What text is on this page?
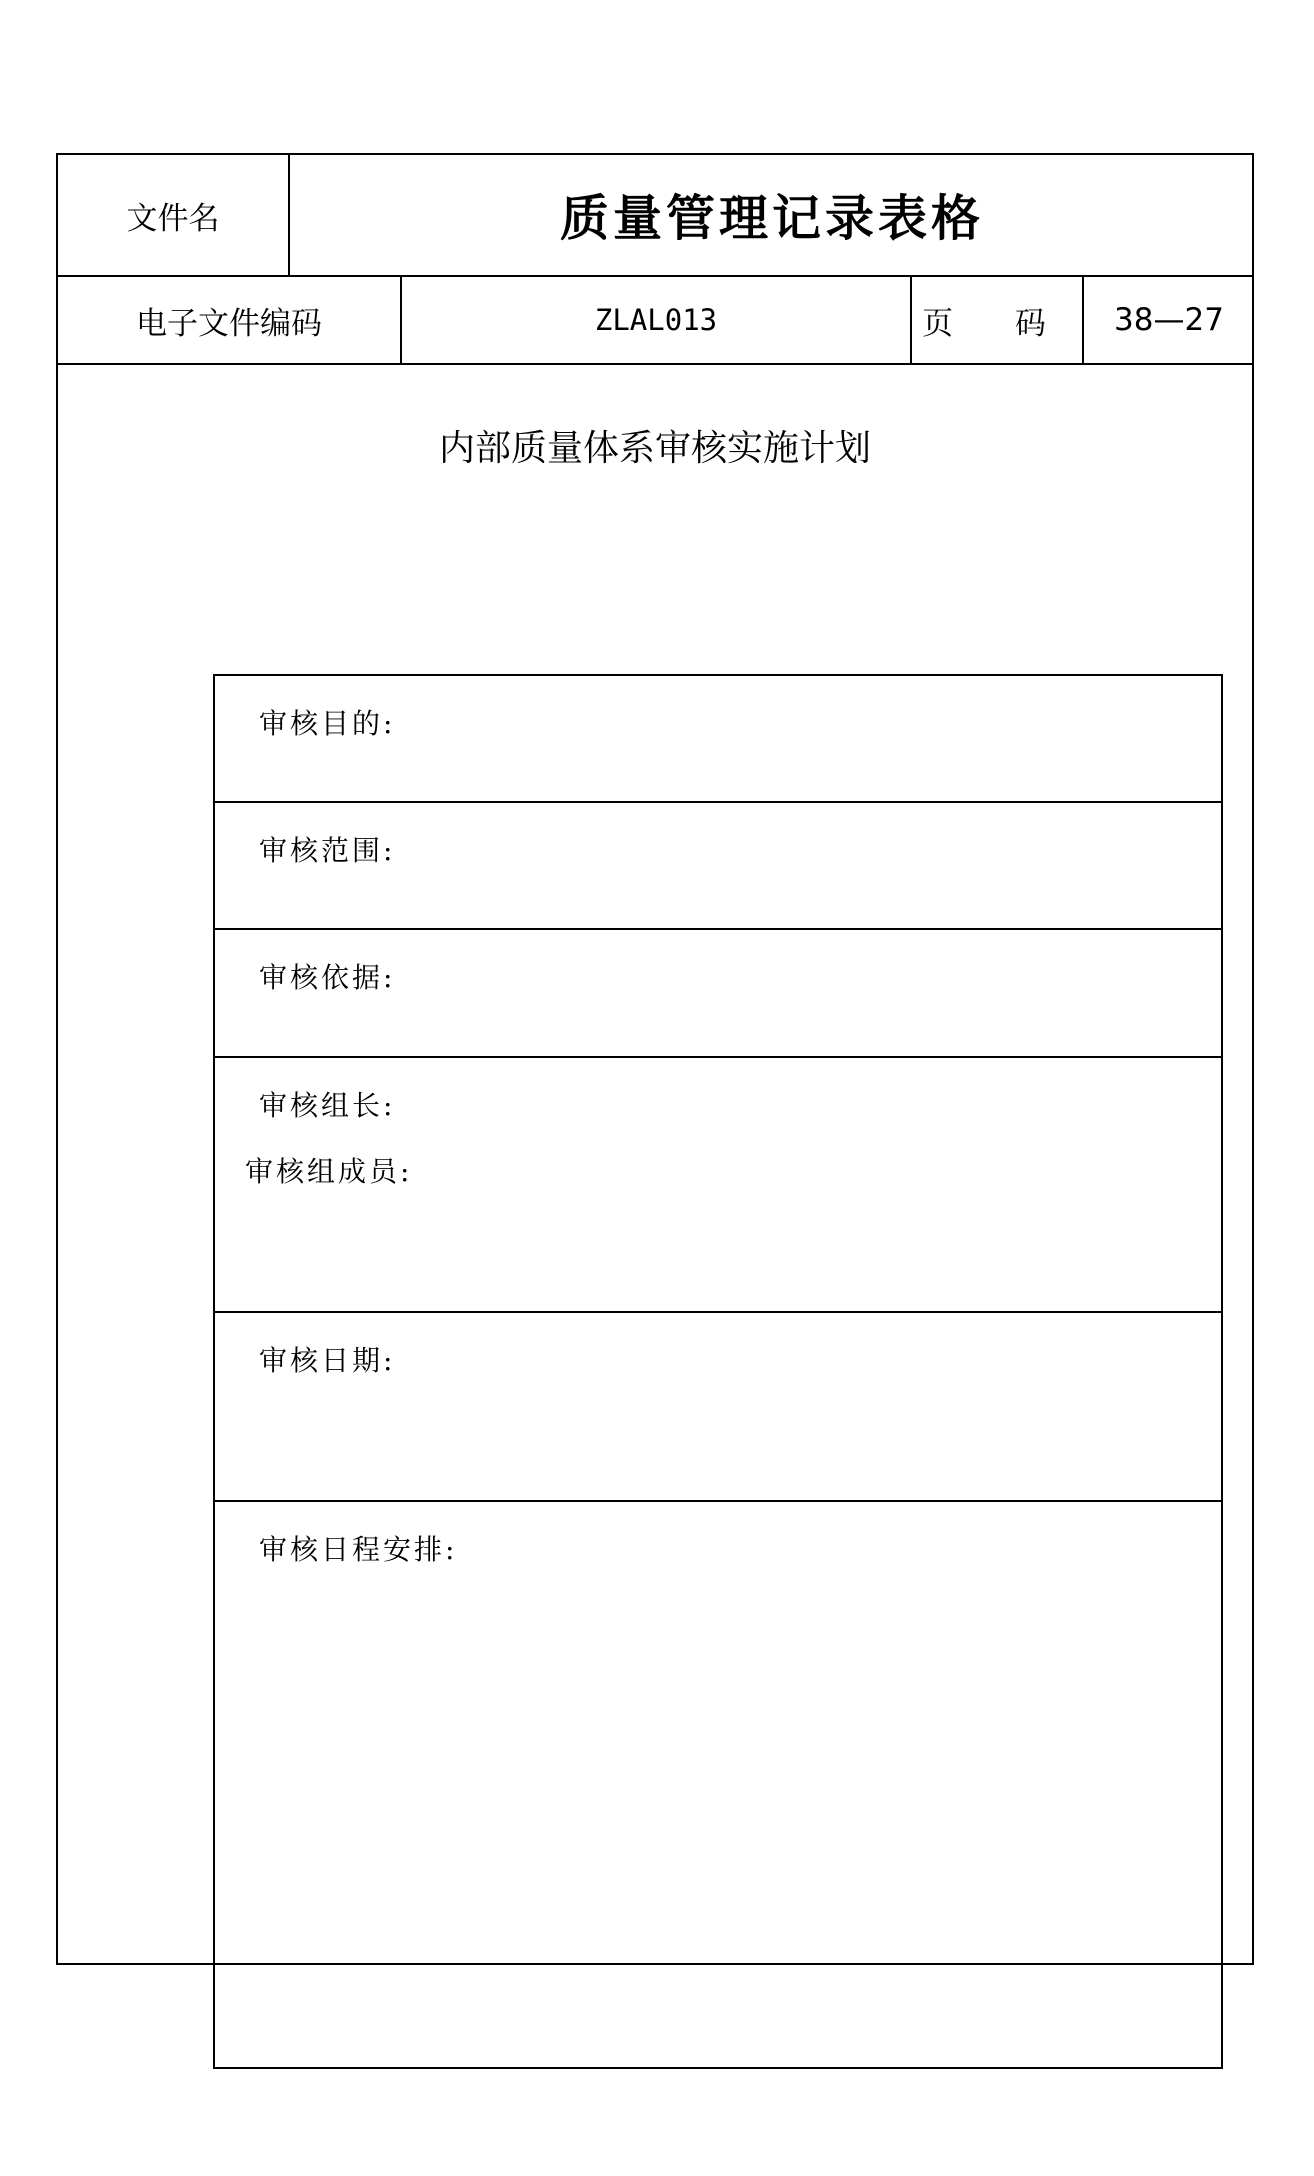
文件名	质量管理记录表格
电子文件编码	ZLAL013	页 码 38—27
内部质量体系审核实施计划
审核目的:
审核范围:
审核依据:
审核组长:
审核组成员:
审核日期:
审核日程安排:
